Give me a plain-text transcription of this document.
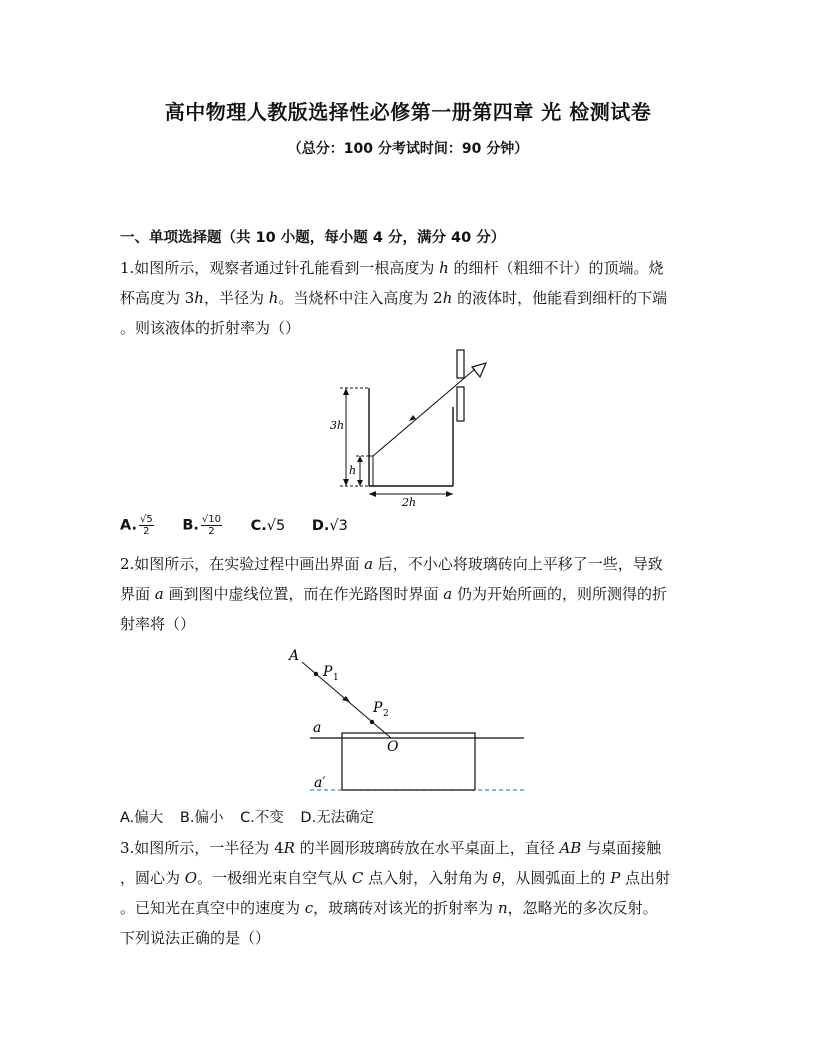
高中物理人教版选择性必修第一册第四章 光 检测试卷
（总分：100 分考试时间：90 分钟）
一、单项选择题（共 10 小题，每小题 4 分，满分 40 分）
1.如图所示，观察者通过针孔能看到一根高度为 ℎ 的细杆（粗细不计）的顶端。烧
杯高度为 3ℎ，半径为 ℎ。当烧杯中注入高度为 2ℎ 的液体时，他能看到细杆的下端
。则该液体的折射率为（）
3h
h
2h
A. $\frac{√5}{2} B$. $\frac{√10}{2} C.√5$ D.√3
2.如图所示，在实验过程中画出界面 𝑎 后，不小心将玻璃砖向上平移了一些，导致
界面 𝑎 画到图中虚线位置，而在作光路图时界面 𝑎 仍为开始所画的，则所测得的折
射率将（）
A
P 1
P 2
a
O
a′
A.偏大 B.偏小 C.不变 D.无法确定
3.如图所示，一半径为 4𝑅 的半圆形玻璃砖放在水平桌面上，直径 𝐴𝐵 与桌面接触
，圆心为 𝑂。一极细光束自空气从 𝐶 点入射，入射角为 𝜃，从圆弧面上的 𝑃 点出射
。已知光在真空中的速度为 𝑐，玻璃砖对该光的折射率为 𝑛，忽略光的多次反射。
下列说法正确的是（）
